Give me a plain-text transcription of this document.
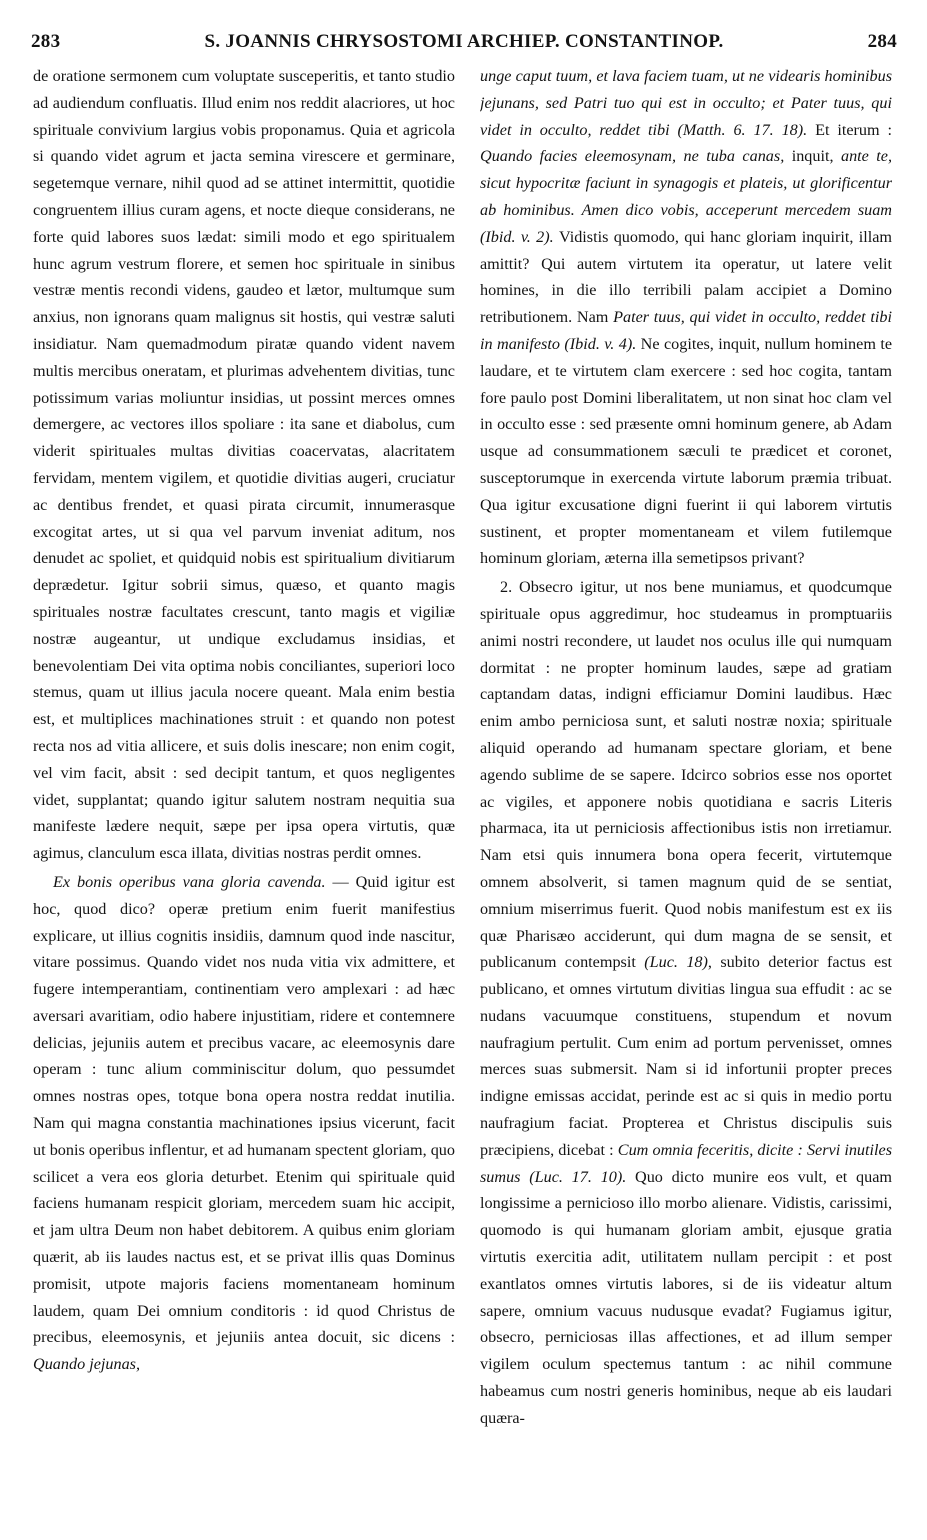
283	S. JOANNIS CHRYSOSTOMI ARCHIEP. CONSTANTINOP.	284

de oratione sermonem cum voluptate susceperitis, et tanto studio ad audiendum confluatis. Illud enim nos reddit alacriores, ut hoc spirituale convivium largius vobis proponamus. Quia et agricola si quando videt agrum et jacta semina virescere et germinare, segetemque vernare, nihil quod ad se attinet intermittit, quotidie congruentem illius curam agens, et nocte dieque considerans, ne forte quid labores suos lædat: simili modo et ego spiritualem hunc agrum vestrum florere, et semen hoc spirituale in sinibus vestræ mentis recondi videns, gaudeo et lætor, multumque sum anxius, non ignorans quam malignus sit hostis, qui vestræ saluti insidiatur. Nam quemadmodum piratæ quando vident navem multis mercibus oneratam, et plurimas advehentem divitias, tunc potissimum varias moliuntur insidias, ut possint merces omnes demergere, ac vectores illos spoliare : ita sane et diabolus, cum viderit spirituales multas divitias coacervatas, alacritatem fervidam, mentem vigilem, et quotidie divitias augeri, cruciatur ac dentibus frendet, et quasi pirata circumit, innumerasque excogitat artes, ut si qua vel parvum inveniat aditum, nos denudet ac spoliet, et quidquid nobis est spiritualium divitiarum deprædetur. Igitur sobrii simus, quæso, et quanto magis spirituales nostræ facultates crescunt, tanto magis et vigiliæ nostræ augeantur, ut undique excludamus insidias, et benevolentiam Dei vita optima nobis conciliantes, superiori loco stemus, quam ut illius jacula nocere queant. Mala enim bestia est, et multiplices machinationes struit : et quando non potest recta nos ad vitia allicere, et suis dolis inescare; non enim cogit, vel vim facit, absit : sed decipit tantum, et quos negligentes videt, supplantat; quando igitur salutem nostram nequitia sua manifeste lædere nequit, sæpe per ipsa opera virtutis, quæ agimus, clanculum esca illata, divitias nostras perdit omnes.

Ex bonis operibus vana gloria cavenda. — Quid igitur est hoc, quod dico? operæ pretium enim fuerit manifestius explicare, ut illius cognitis insidiis, damnum quod inde nascitur, vitare possimus. Quando videt nos nuda vitia vix admittere, et fugere intemperantiam, continentiam vero amplexari : ad hæc aversari avaritiam, odio habere injustitiam, ridere et contemnere delicias, jejuniis autem et precibus vacare, ac eleemosynis dare operam : tunc alium comminiscitur dolum, quo pessumdet omnes nostras opes, totque bona opera nostra reddat inutilia. Nam qui magna constantia machinationes ipsius vicerunt, facit ut bonis operibus inflentur, et ad humanam spectent gloriam, quo scilicet a vera eos gloria deturbet. Etenim qui spirituale quid faciens humanam respicit gloriam, mercedem suam hic accipit, et jam ultra Deum non habet debitorem. A quibus enim gloriam quærit, ab iis laudes nactus est, et se privat illis quas Dominus promisit, utpote majoris faciens momentaneam hominum laudem, quam Dei omnium conditoris : id quod Christus de precibus, eleemosynis, et jejuniis antea docuit, sic dicens : Quando jejunas,

unge caput tuum, et lava faciem tuam, ut ne videaris hominibus jejunans, sed Patri tuo qui est in occulto; et Pater tuus, qui videt in occulto, reddet tibi (Matth. 6. 17. 18). Et iterum : Quando facies eleemosynam, ne tuba canas, inquit, ante te, sicut hypocritæ faciunt in synagogis et plateis, ut glorificentur ab hominibus. Amen dico vobis, acceperunt mercedem suam (Ibid. v. 2). Vidistis quomodo, qui hanc gloriam inquirit, illam amittit? Qui autem virtutem ita operatur, ut latere velit homines, in die illo terribili palam accipiet a Domino retributionem. Nam Pater tuus, qui videt in occulto, reddet tibi in manifesto (Ibid. v. 4). Ne cogites, inquit, nullum hominem te laudare, et te virtutem clam exercere : sed hoc cogita, tantam fore paulo post Domini liberalitatem, ut non sinat hoc clam vel in occulto esse : sed præsente omni hominum genere, ab Adam usque ad consummationem sæculi te prædicet et coronet, susceptorumque in exercenda virtute laborum præmia tribuat. Qua igitur excusatione digni fuerint ii qui laborem virtutis sustinent, et propter momentaneam et vilem futilemque hominum gloriam, æterna illa semetipsos privant?

2. Obsecro igitur, ut nos bene muniamus, et quodcumque spirituale opus aggredimur, hoc studeamus in promptuariis animi nostri recondere, ut laudet nos oculus ille qui numquam dormitat : ne propter hominum laudes, sæpe ad gratiam captandam datas, indigni efficiamur Domini laudibus. Hæc enim ambo perniciosa sunt, et saluti nostræ noxia; spirituale aliquid operando ad humanam spectare gloriam, et bene agendo sublime de se sapere. Idcirco sobrios esse nos oportet ac vigiles, et apponere nobis quotidiana e sacris Literis pharmaca, ita ut perniciosis affectionibus istis non irretiamur. Nam etsi quis innumera bona opera fecerit, virtutemque omnem absolverit, si tamen magnum quid de se sentiat, omnium miserrimus fuerit. Quod nobis manifestum est ex iis quæ Pharisæo acciderunt, qui dum magna de se sensit, et publicanum contempsit (Luc. 18), subito deterior factus est publicano, et omnes virtutum divitias lingua sua effudit : ac se nudans vacuumque constituens, stupendum et novum naufragium pertulit. Cum enim ad portum pervenisset, omnes merces suas submersit. Nam si id infortunii propter preces indigne emissas accidat, perinde est ac si quis in medio portu naufragium faciat. Propterea et Christus discipulis suis præcipiens, dicebat : Cum omnia feceritis, dicite : Servi inutiles sumus (Luc. 17. 10). Quo dicto munire eos vult, et quam longissime a pernicioso illo morbo alienare. Vidistis, carissimi, quomodo is qui humanam gloriam ambit, ejusque gratia virtutis exercitia adit, utilitatem nullam percipit : et post exantlatos omnes virtutis labores, si de iis videatur altum sapere, omnium vacuus nudusque evadat? Fugiamus igitur, obsecro, perniciosas illas affectiones, et ad illum semper vigilem oculum spectemus tantum : ac nihil commune habeamus cum nostri generis hominibus, neque ab eis laudari quæra-
